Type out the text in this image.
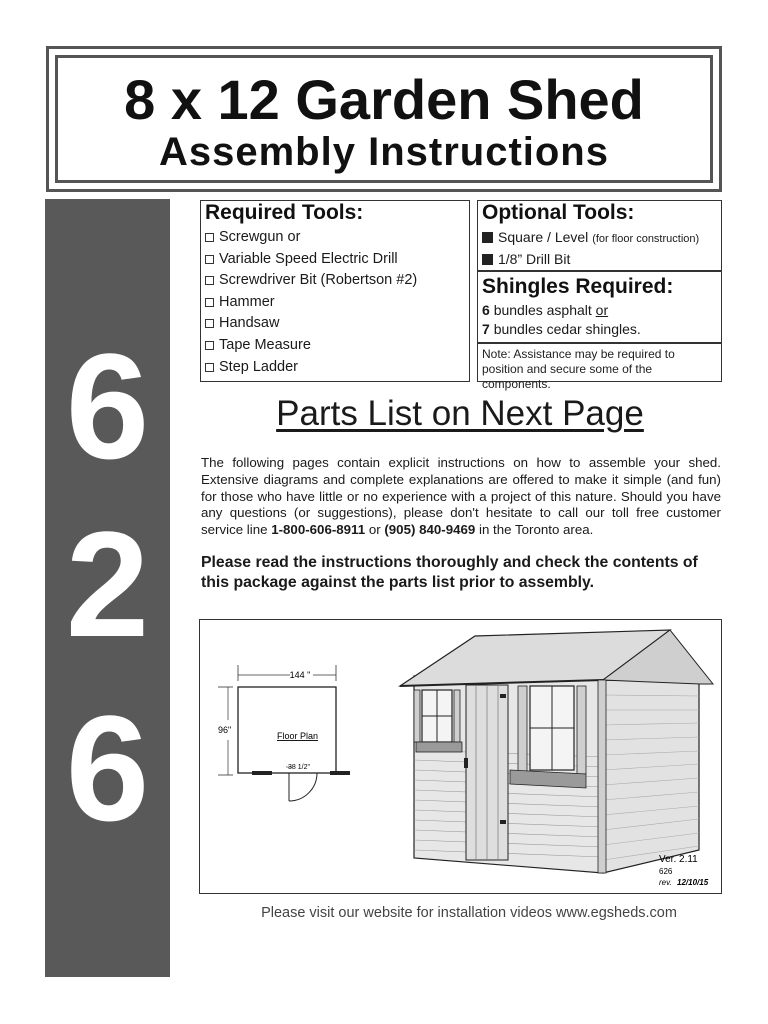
8 x 12 Garden Shed
Assembly Instructions
6
2
6
Required Tools:
Screwgun or
Variable Speed Electric Drill
Screwdriver Bit (Robertson #2)
Hammer
Handsaw
Tape Measure
Step Ladder
Optional Tools:
Square / Level (for floor construction)
1/8” Drill Bit
Shingles Required:
6 bundles asphalt or
7 bundles cedar shingles.
Note: Assistance may be required to position and secure some of the components.
Parts List on Next Page
The following pages contain explicit instructions on how to assemble your shed. Extensive diagrams and complete explanations are offered to make it simple (and fun) for those who have little or no experience with a project of this nature. Should you have any questions (or suggestions), please don't hesitate to call our toll free customer service line 1-800-606-8911 or (905) 840-9469 in the Toronto area.
Please read the instructions thoroughly and check the contents of this package against the parts list prior to assembly.
144 "
96"
Floor Plan
38 1/2"
Ver. 2.11
626
rev. 12/10/15
Please visit our website for installation videos www.egsheds.com
